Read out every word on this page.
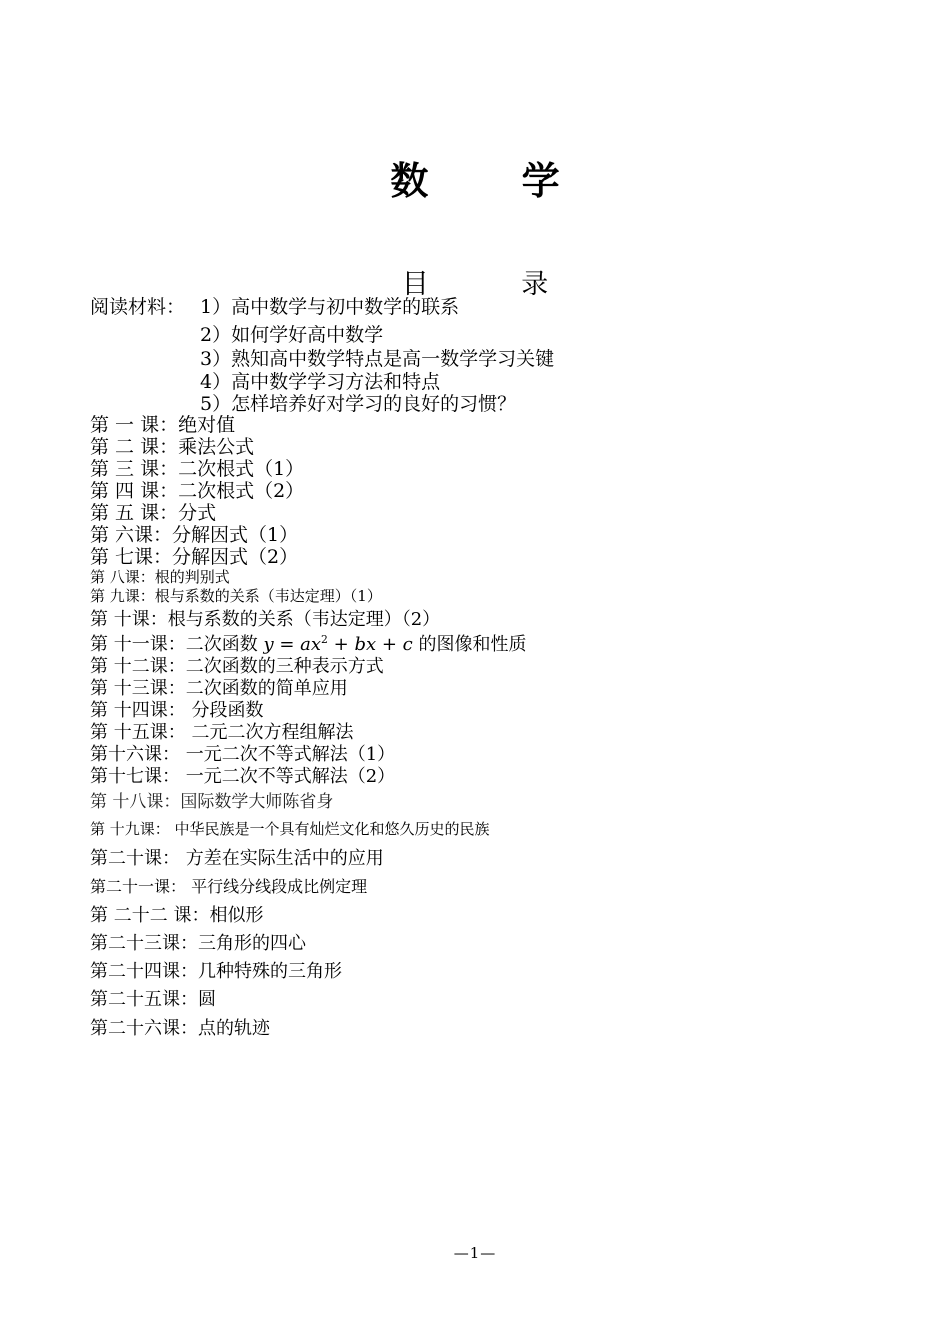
数 学
目 录
阅读材料： 1）高中数学与初中数学的联系
2）如何学好高中数学
3）熟知高中数学特点是高一数学学习关键
4）高中数学学习方法和特点
5）怎样培养好对学习的良好的习惯？
第 一 课：绝对值
第 二 课：乘法公式
第 三 课：二次根式（1）
第 四 课：二次根式（2）
第 五 课：分式
第 六课：分解因式（1）
第 七课：分解因式（2）
第 八课：根的判别式
第 九课：根与系数的关系（韦达定理）（1）
第 十课：根与系数的关系（韦达定理）（2）
第 十一课：二次函数 $y = ax^2$ + bx + c 的图像和性质
第 十二课：二次函数的三种表示方式
第 十三课：二次函数的简单应用
第 十四课： 分段函数
第 十五课： 二元二次方程组解法
第十六课： 一元二次不等式解法（1）
第十七课： 一元二次不等式解法（2）
第 十八课：国际数学大师陈省身
第 十九课： 中华民族是一个具有灿烂文化和悠久历史的民族
第二十课： 方差在实际生活中的应用
第二十一课： 平行线分线段成比例定理
第 二十二 课：相似形
第二十三课：三角形的四心
第二十四课：几种特殊的三角形
第二十五课：圆
第二十六课：点的轨迹
—1—
